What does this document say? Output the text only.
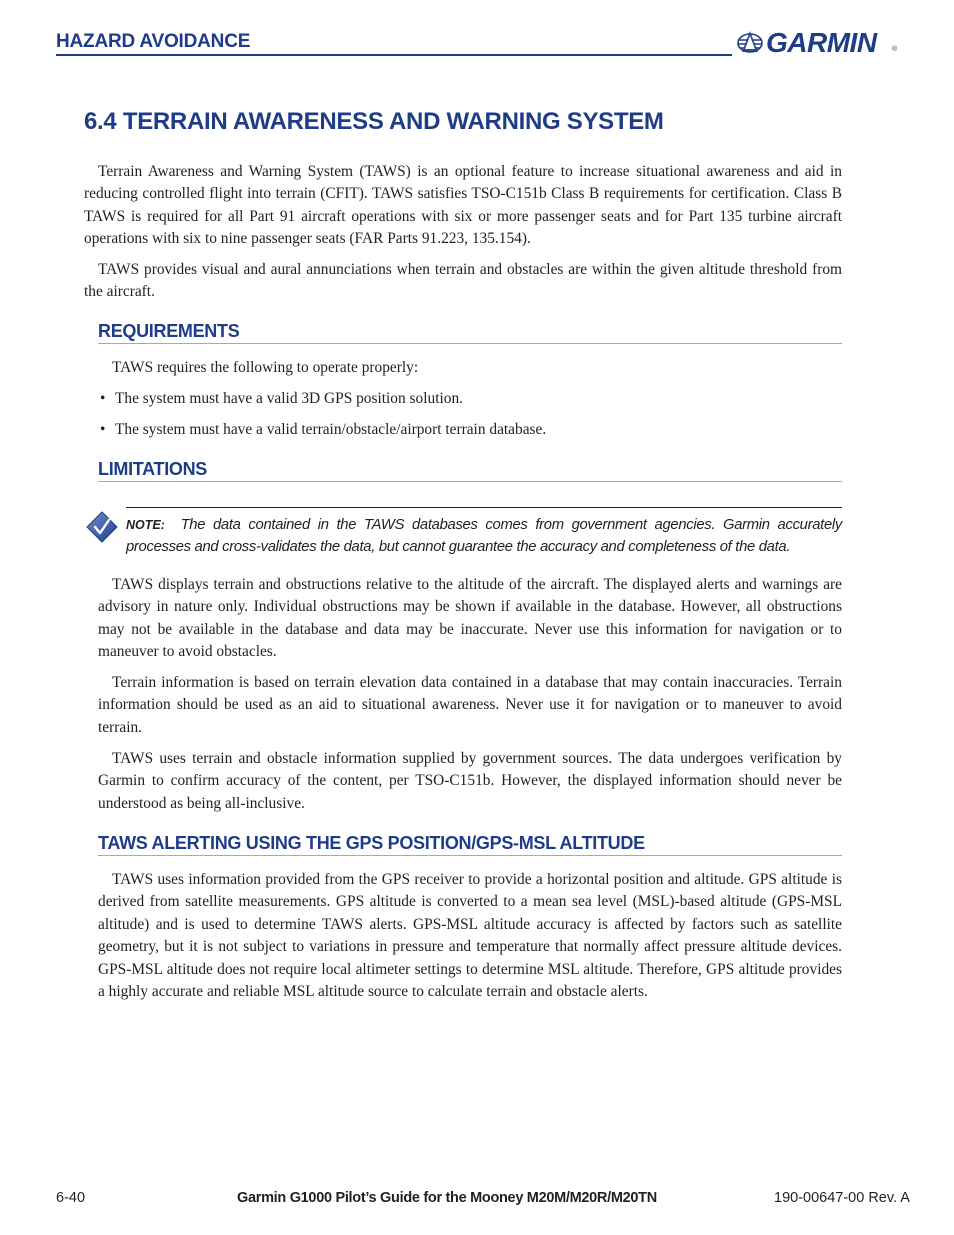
HAZARD AVOIDANCE	GARMIN ®
6.4 TERRAIN AWARENESS AND WARNING SYSTEM

Terrain Awareness and Warning System (TAWS) is an optional feature to increase situational awareness and aid in reducing controlled flight into terrain (CFIT). TAWS satisfies TSO-C151b Class B requirements for certification. Class B TAWS is required for all Part 91 aircraft operations with six or more passenger seats and for Part 135 turbine aircraft operations with six to nine passenger seats (FAR Parts 91.223, 135.154).

TAWS provides visual and aural annunciations when terrain and obstacles are within the given altitude threshold from the aircraft.

REQUIREMENTS

TAWS requires the following to operate properly:

• The system must have a valid 3D GPS position solution.
• The system must have a valid terrain/obstacle/airport terrain database.
LIMITATIONS

NOTE: The data contained in the TAWS databases comes from government agencies. Garmin accurately processes and cross-validates the data, but cannot guarantee the accuracy and completeness of the data.

TAWS displays terrain and obstructions relative to the altitude of the aircraft. The displayed alerts and warnings are advisory in nature only. Individual obstructions may be shown if available in the database. However, all obstructions may not be available in the database and data may be inaccurate. Never use this information for navigation or to maneuver to avoid obstacles.

Terrain information is based on terrain elevation data contained in a database that may contain inaccuracies. Terrain information should be used as an aid to situational awareness. Never use it for navigation or to maneuver to avoid terrain.

TAWS uses terrain and obstacle information supplied by government sources. The data undergoes verification by Garmin to confirm accuracy of the content, per TSO-C151b. However, the displayed information should never be understood as being all-inclusive.

TAWS ALERTING USING THE GPS POSITION/GPS-MSL ALTITUDE

TAWS uses information provided from the GPS receiver to provide a horizontal position and altitude. GPS altitude is derived from satellite measurements. GPS altitude is converted to a mean sea level (MSL)-based altitude (GPS-MSL altitude) and is used to determine TAWS alerts. GPS-MSL altitude accuracy is affected by factors such as satellite geometry, but it is not subject to variations in pressure and temperature that normally affect pressure altitude devices. GPS-MSL altitude does not require local altimeter settings to determine MSL altitude. Therefore, GPS altitude provides a highly accurate and reliable MSL altitude source to calculate terrain and obstacle alerts.

6-40	Garmin G1000 Pilot’s Guide for the Mooney M20M/M20R/M20TN	190-00647-00 Rev. A
